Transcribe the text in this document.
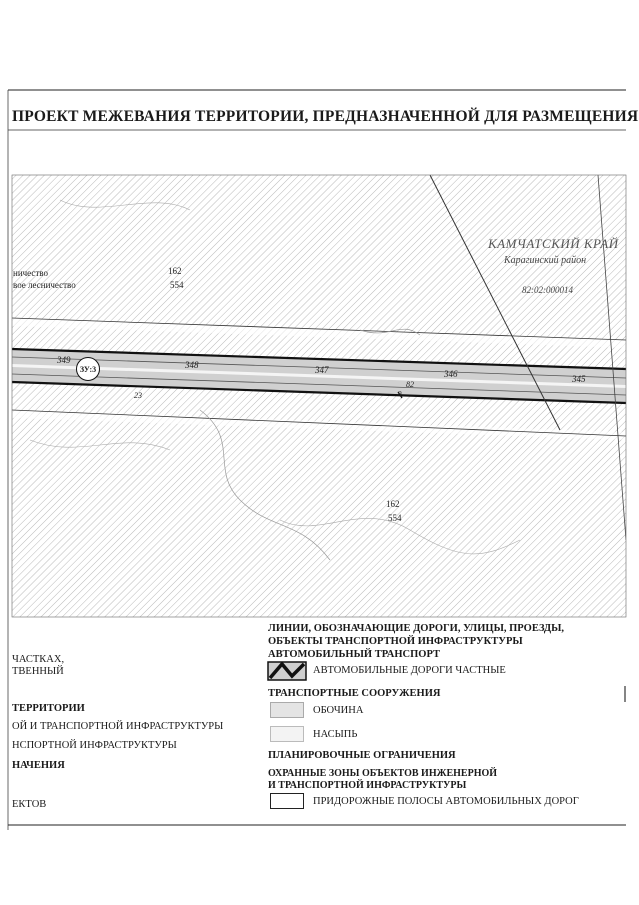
ПРОЕКТ МЕЖЕВАНИЯ ТЕРРИТОРИИ, ПРЕДНАЗНАЧЕННОЙ ДЛЯ РАЗМЕЩЕНИЯ
КАМЧАТСКИЙ КРАЙ
Карагинский район
82:02:000014
ничество
вое лесничество
162
554
162
554
ЗУ:3
349	348	347	346	345
23
82
9
ЧАСТКАХ,
ТВЕННЫЙ
ТЕРРИТОРИИ
ОЙ И ТРАНСПОРТНОЙ ИНФРАСТРУКТУРЫ
НСПОРТНОЙ ИНФРАСТРУКТУРЫ
НАЧЕНИЯ
ЕКТОВ
ЛИНИИ, ОБОЗНАЧАЮЩИЕ ДОРОГИ, УЛИЦЫ, ПРОЕЗДЫ,
ОБЪЕКТЫ ТРАНСПОРТНОЙ ИНФРАСТРУКТУРЫ
АВТОМОБИЛЬНЫЙ ТРАНСПОРТ
АВТОМОБИЛЬНЫЕ ДОРОГИ ЧАСТНЫЕ
ТРАНСПОРТНЫЕ СООРУЖЕНИЯ
ОБОЧИНА
НАСЫПЬ
ПЛАНИРОВОЧНЫЕ ОГРАНИЧЕНИЯ
ОХРАННЫЕ ЗОНЫ ОБЪЕКТОВ ИНЖЕНЕРНОЙ
И ТРАНСПОРТНОЙ ИНФРАСТРУКТУРЫ
ПРИДОРОЖНЫЕ ПОЛОСЫ АВТОМОБИЛЬНЫХ ДОРОГ
